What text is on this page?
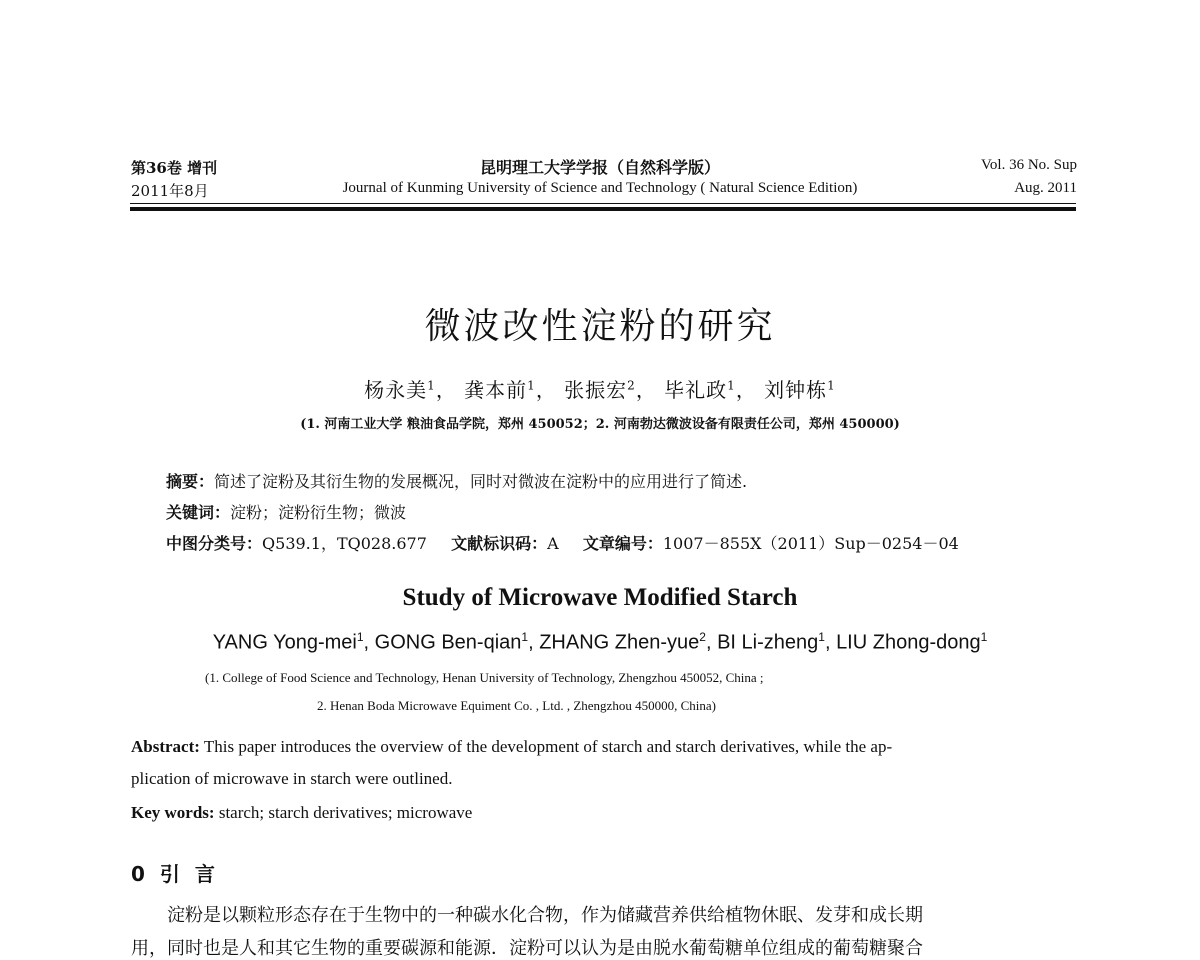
第36卷 增刊
2011年8月
昆明理工大学学报（自然科学版）
Journal of Kunming University of Science and Technology ( Natural Science Edition)
Vol. 36 No. Sup
Aug. 2011
微波改性淀粉的研究
杨永美$^1$， 龚本前$^1$， 张振宏$^2$， 毕礼政$^1$， 刘钟栋$^1$
(1. 河南工业大学 粮油食品学院，郑州 450052；2. 河南勃达微波设备有限责任公司，郑州 450000)
摘要：简述了淀粉及其衍生物的发展概况，同时对微波在淀粉中的应用进行了简述.
关键词：淀粉；淀粉衍生物；微波
中图分类号：Q539.1，TQ028.677 文献标识码：A 文章编号：1007－855X（2011）Sup－0254－04
Study of Microwave Modified Starch
YANG Yong-mei$^1$, GONG Ben-qian$^1$, ZHANG Zhen-yue$^2$, BI Li-zheng$^1$, LIU Zhong-dong$^1$
(1. College of Food Science and Technology, Henan University of Technology, Zhengzhou 450052, China ;
2. Henan Boda Microwave Equiment Co. , Ltd. , Zhengzhou 450000, China)
Abstract: This paper introduces the overview of the development of starch and starch derivatives, while the ap-
plication of microwave in starch were outlined.
Key words: starch; starch derivatives; microwave
0 引 言
淀粉是以颗粒形态存在于生物中的一种碳水化合物，作为储藏营养供给植物休眠、发芽和成长期
用，同时也是人和其它生物的重要碳源和能源．淀粉可以认为是由脱水葡萄糖单位组成的葡萄糖聚合
